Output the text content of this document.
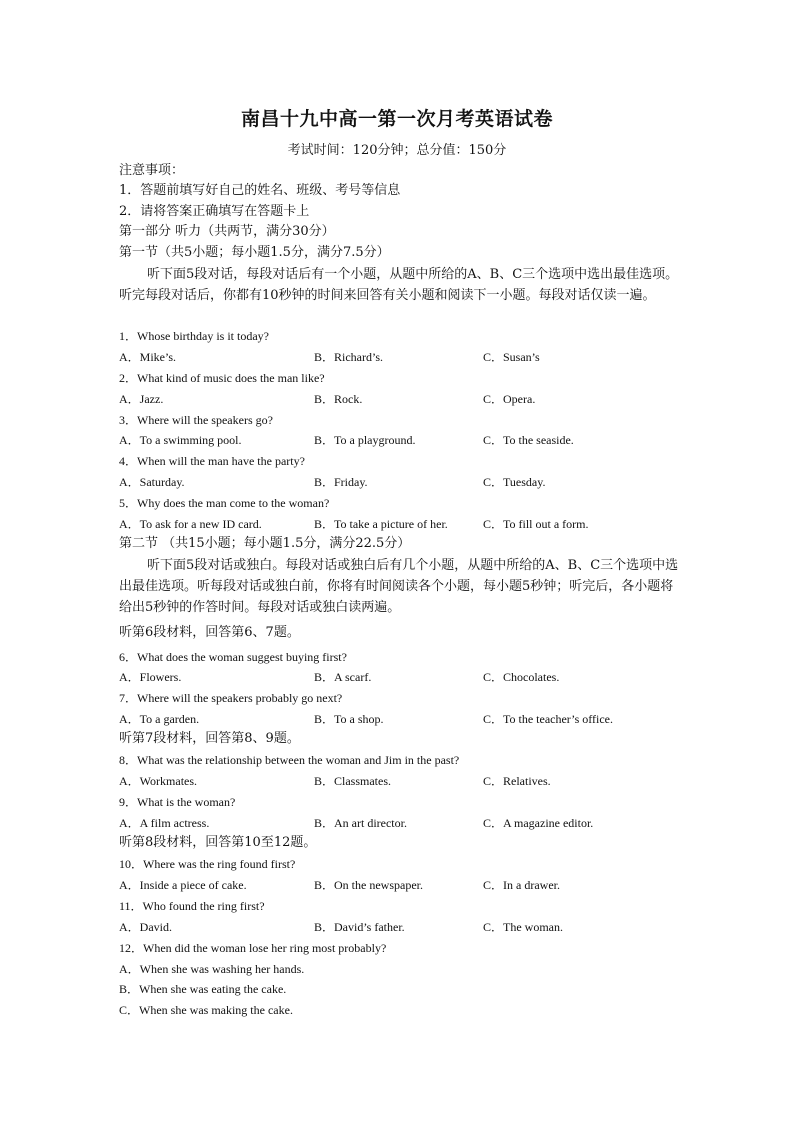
南昌十九中高一第一次月考英语试卷
考试时间：120分钟；总分值：150分
注意事项：
1．答题前填写好自己的姓名、班级、考号等信息
2．请将答案正确填写在答题卡上
第一部分 听力（共两节，满分30分）
第一节（共5小题；每小题1.5分，满分7.5分）
听下面5段对话，每段对话后有一个小题，从题中所给的A、B、C三个选项中选出最佳选项。听完每段对话后，你都有10秒钟的时间来回答有关小题和阅读下一小题。每段对话仅读一遍。
1．Whose birthday is it today?
A．Mike’s.	B．Richard’s.	C．Susan’s
2．What kind of music does the man like?
A．Jazz.	B．Rock.	C．Opera.
3．Where will the speakers go?
A．To a swimming pool.	B．To a playground.	C．To the seaside.
4．When will the man have the party?
A．Saturday.	B．Friday.	C．Tuesday.
5．Why does the man come to the woman?
A．To ask for a new ID card.	B．To take a picture of her.	C．To fill out a form.
第二节 （共15小题；每小题1.5分，满分22.5分）
听下面5段对话或独白。每段对话或独白后有几个小题，从题中所给的A、B、C三个选项中选出最佳选项。听每段对话或独白前，你将有时间阅读各个小题，每小题5秒钟；听完后，各小题将给出5秒钟的作答时间。每段对话或独白读两遍。
听第6段材料，回答第6、7题。
6．What does the woman suggest buying first?
A．Flowers.	B．A scarf.	C．Chocolates.
7．Where will the speakers probably go next?
A．To a garden.	B．To a shop.	C．To the teacher’s office.
听第7段材料，回答第8、9题。
8．What was the relationship between the woman and Jim in the past?
A．Workmates.	B．Classmates.	C．Relatives.
9．What is the woman?
A．A film actress.	B．An art director.	C．A magazine editor.
听第8段材料，回答第10至12题。
10．Where was the ring found first?
A．Inside a piece of cake.	B．On the newspaper.	C．In a drawer.
11．Who found the ring first?
A．David.	B．David’s father.	C．The woman.
12．When did the woman lose her ring most probably?
A．When she was washing her hands.
B．When she was eating the cake.
C．When she was making the cake.
